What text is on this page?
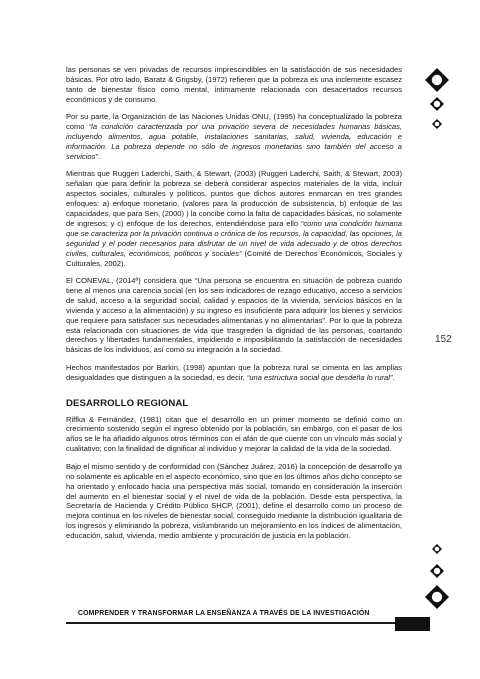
las personas se ven privadas de recursos imprescindibles en la satisfacción de sus necesidades básicas. Por otro lado, Baratz & Grigsby, (1972) refieren que la pobreza es una inclemente escasez tanto de bienestar físico como mental, íntimamente relacionada con desacertados recursos económicos y de consumo.

Por su parte, la Organización de las Naciones Unidas ONU, (1995) ha conceptualizado la pobreza como “la condición caracterizada por una privación severa de necesidades humanas básicas, incluyendo alimentos, agua potable, instalaciones sanitarias, salud, vivienda, educación e información. La pobreza depende no sólo de ingresos monetarios sino también del acceso a servicios”.

Mientras que Ruggeri Laderchi, Saith, & Stewart, (2003) (Ruggeri Laderchi, Saith, & Stewart, 2003) señalan que para definir la pobreza se deberá considerar aspectos materiales de la vida, incluir aspectos sociales, culturales y políticos, puntos que dichos autores enmarcan en tres grandes enfoques: a) enfoque monetario, (valores para la producción de subsistencia, b) enfoque de las capacidades, que para Sen, (2000) ) la concibe como la falta de capacidades básicas, no solamente de ingresos; y c) enfoque de los derechos, entendiéndose para ello “como una condición humana que se caracteriza por la privación continua o crónica de los recursos, la capacidad, las opciones, la seguridad y el poder necesarios para disfrutar de un nivel de vida adecuado y de otros derechos civiles, culturales, económicos, políticos y sociales” (Comité de Derechos Económicos, Sociales y Culturales, 2002).

El CONEVAL, (2014ª) considera que “Una persona se encuentra en situación de pobreza cuando tiene al menos una carencia social (en los seis indicadores de rezago educativo, acceso a servicios de salud, acceso a la seguridad social, calidad y espacios de la vivienda, servicios básicos en la vivienda y acceso a la alimentación) y su ingreso es insuficiente para adquirir los bienes y servicios que requiere para satisfacer sus necesidades alimentarias y no alimentarias”. Por lo que la pobreza esta relacionada con situaciones de vida que trasgreden la dignidad de las personas, coartando derechos y libertades fundamentales, impidiendo e imposibilitando la satisfacción de necesidades básicas de los individuos, así como su integración a la sociedad.

Hechos manifestados por Barkin, (1998) apuntan que la pobreza rural se cimenta en las amplias desigualdades que distinguen a la sociedad, es decir, “una estructura social que desdeña lo rural”.

DESARROLLO REGIONAL

Riffka & Fernández, (1981) citan que el desarrollo en un primer momento se definió como un crecimiento sostenido según el ingreso obtenido por la población, sin embargo, con el pasar de los años se le ha añadido algunos otros términos con el afán de que cuente con un vínculo más social y cualitativo; con la finalidad de dignificar al individuo y mejorar la calidad de la vida de la sociedad.

Bajo el mismo sentido y de conformidad con (Sánchez Juárez, 2016) la concepción de desarrollo ya no solamente es aplicable en el aspecto económico, sino que en los últimos años dicho concepto se ha orientado y enfocado hacia una perspectiva más social, tomando en consideración la inserción del aumento en el bienestar social y el nivel de vida de la población. Desde esta perspectiva, la Secretaría de Hacienda y Crédito Público SHCP, (2001), define el desarrollo como un proceso de mejora continua en los niveles de bienestar social, conseguido mediante la distribución igualitaria de los ingresos y eliminando la pobreza, vislumbrando un mejoramiento en los índices de alimentación, educación, salud, vivienda, medio ambiente y procuración de justicia en la población.

152
COMPRENDER Y TRANSFORMAR LA ENSEÑANZA A TRAVÉS DE LA INVESTIGACIÓN
